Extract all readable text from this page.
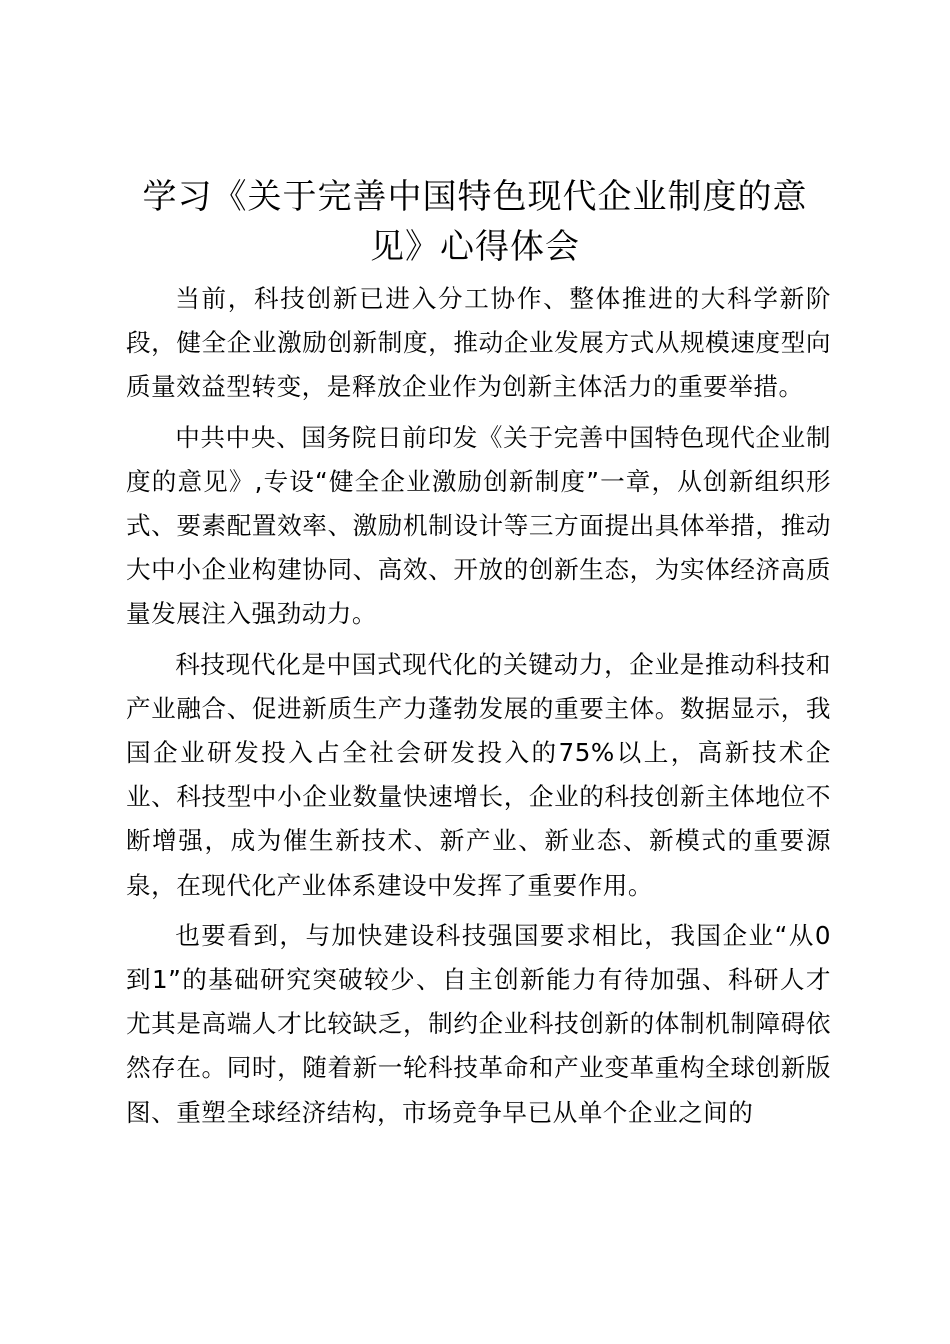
学习《关于完善中国特色现代企业制度的意见》心得体会

当前，科技创新已进入分工协作、整体推进的大科学新阶段，健全企业激励创新制度，推动企业发展方式从规模速度型向质量效益型转变，是释放企业作为创新主体活力的重要举措。

中共中央、国务院日前印发《关于完善中国特色现代企业制度的意见》,专设“健全企业激励创新制度”一章，从创新组织形式、要素配置效率、激励机制设计等三方面提出具体举措，推动大中小企业构建协同、高效、开放的创新生态，为实体经济高质量发展注入强劲动力。

科技现代化是中国式现代化的关键动力，企业是推动科技和产业融合、促进新质生产力蓬勃发展的重要主体。数据显示，我国企业研发投入占全社会研发投入的75%以上，高新技术企业、科技型中小企业数量快速增长，企业的科技创新主体地位不断增强，成为催生新技术、新产业、新业态、新模式的重要源泉，在现代化产业体系建设中发挥了重要作用。

也要看到，与加快建设科技强国要求相比，我国企业“从0到1”的基础研究突破较少、自主创新能力有待加强、科研人才尤其是高端人才比较缺乏，制约企业科技创新的体制机制障碍依然存在。同时，随着新一轮科技革命和产业变革重构全球创新版图、重塑全球经济结构，市场竞争早已从单个企业之间的
